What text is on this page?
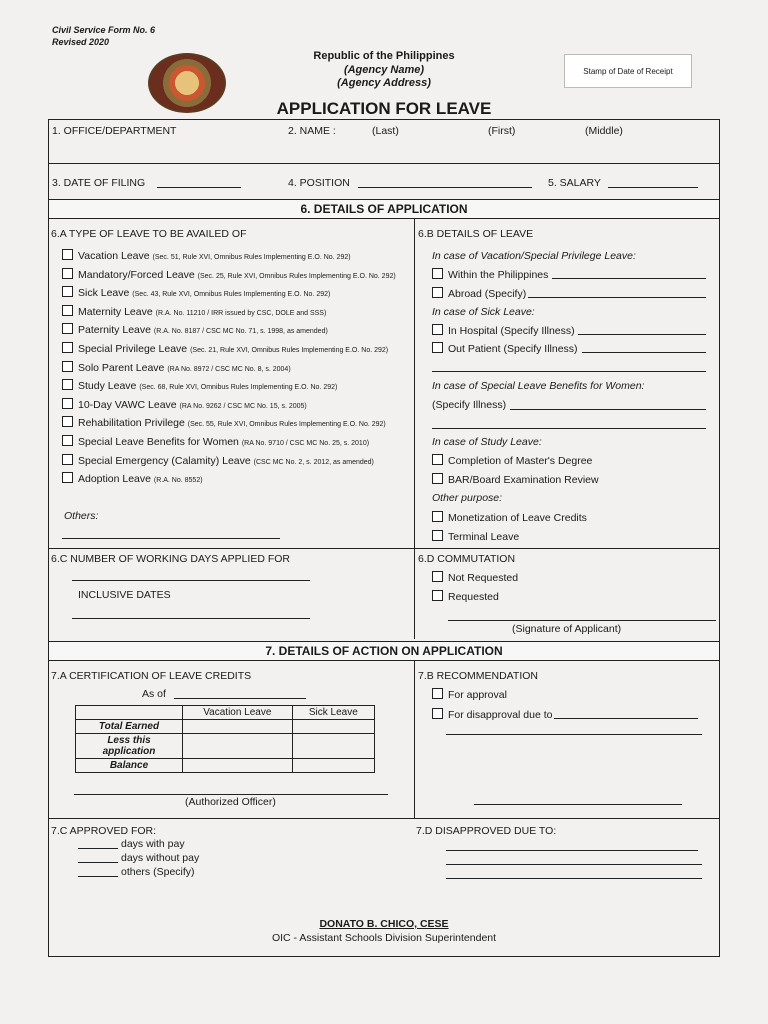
Civil Service Form No. 6
Revised 2020
Republic of the Philippines
(Agency Name)
(Agency Address)
Stamp of Date of Receipt
APPLICATION FOR LEAVE
1. OFFICE/DEPARTMENT	2. NAME :	(Last)	(First)	(Middle)
3. DATE OF FILING	4. POSITION	5. SALARY
6. DETAILS OF APPLICATION
6.A TYPE OF LEAVE TO BE AVAILED OF
Vacation Leave (Sec. 51, Rule XVI, Omnibus Rules Implementing E.O. No. 292)
Mandatory/Forced Leave (Sec. 25, Rule XVI, Omnibus Rules Implementing E.O. No. 292)
Sick Leave (Sec. 43, Rule XVI, Omnibus Rules Implementing E.O. No. 292)
Maternity Leave (R.A. No. 11210 / IRR issued by CSC, DOLE and SSS)
Paternity Leave (R.A. No. 8187 / CSC MC No. 71, s. 1998, as amended)
Special Privilege Leave (Sec. 21, Rule XVI, Omnibus Rules Implementing E.O. No. 292)
Solo Parent Leave (RA No. 8972 / CSC MC No. 8, s. 2004)
Study Leave (Sec. 68, Rule XVI, Omnibus Rules Implementing E.O. No. 292)
10-Day VAWC Leave (RA No. 9262 / CSC MC No. 15, s. 2005)
Rehabilitation Privilege (Sec. 55, Rule XVI, Omnibus Rules Implementing E.O. No. 292)
Special Leave Benefits for Women (RA No. 9710 / CSC MC No. 25, s. 2010)
Special Emergency (Calamity) Leave (CSC MC No. 2, s. 2012, as amended)
Adoption Leave (R.A. No. 8552)
Others:
6.B DETAILS OF LEAVE
In case of Vacation/Special Privilege Leave:
Within the Philippines
Abroad (Specify)
In case of Sick Leave:
In Hospital (Specify Illness)
Out Patient (Specify Illness)
In case of Special Leave Benefits for Women:
(Specify Illness)
In case of Study Leave:
Completion of Master's Degree
BAR/Board Examination Review
Other purpose:
Monetization of Leave Credits
Terminal Leave
6.C NUMBER OF WORKING DAYS APPLIED FOR
INCLUSIVE DATES
6.D COMMUTATION
Not Requested
Requested
(Signature of Applicant)
7. DETAILS OF ACTION ON APPLICATION
7.A CERTIFICATION OF LEAVE CREDITS
As of
	Vacation Leave	Sick Leave
Total Earned		
Less this application		
Balance		
(Authorized Officer)
7.B RECOMMENDATION
For approval
For disapproval due to
7.C APPROVED FOR:
days with pay
days without pay
others (Specify)
7.D DISAPPROVED DUE TO:
DONATO B. CHICO, CESE
OIC - Assistant Schools Division Superintendent
